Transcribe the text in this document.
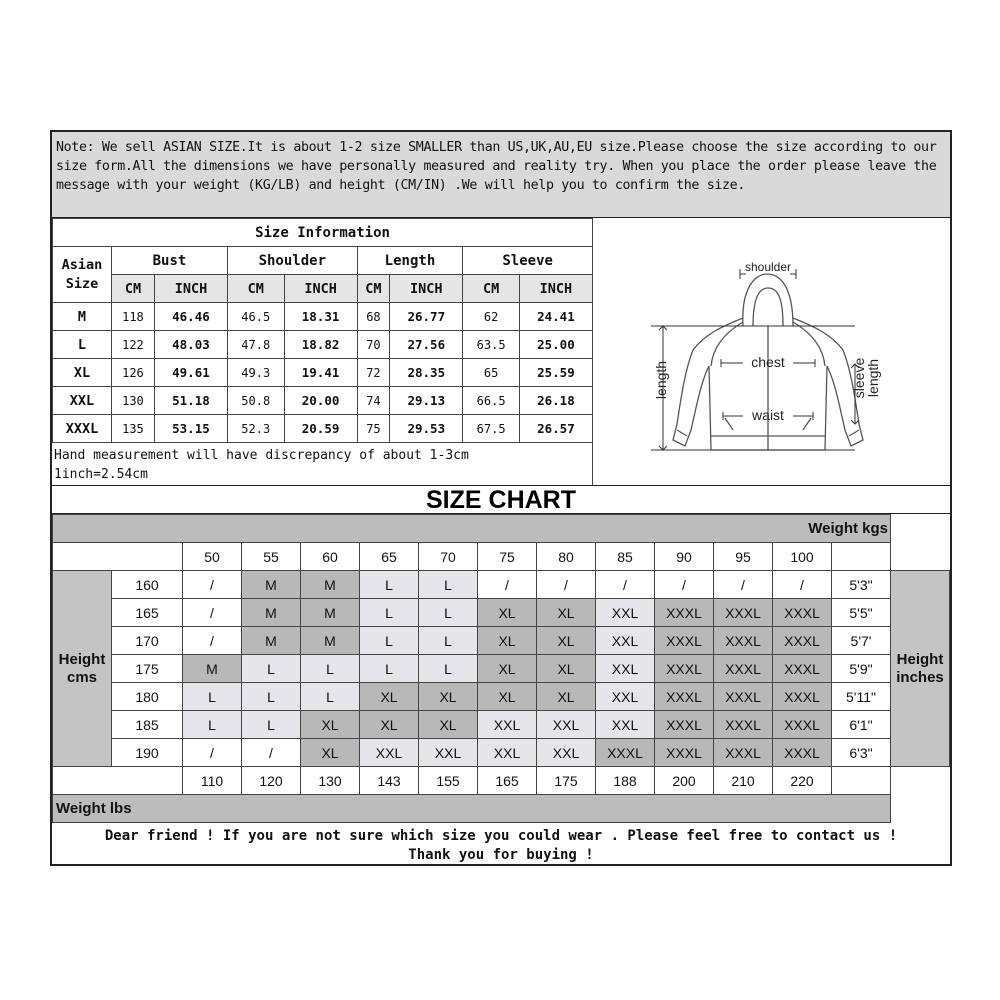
Note: We sell ASIAN SIZE.It is about 1-2 size SMALLER than US,UK,AU,EU size.Please choose the size according to our size form.All the dimensions we have personally measured and reality try. When you place the order please leave the message with your weight (KG/LB) and height (CM/IN) .We will help you to confirm the size.
Size Information								
Asian
Size	Bust		Shoulder		Length		Sleeve	
	CM	INCH	CM	INCH	CM	INCH	CM	INCH
M	118	46.46	46.5	18.31	68	26.77	62	24.41
L	122	48.03	47.8	18.82	70	27.56	63.5	25.00
XL	126	49.61	49.3	19.41	72	28.35	65	25.59
XXL	130	51.18	50.8	20.00	74	29.13	66.5	26.18
XXXL	135	53.15	52.3	20.59	75	29.53	67.5	26.57
Hand measurement will have discrepancy of about 1-3cm
1inch=2.54cm
shoulder
chest
waist
length	sleeve
length
SIZE CHART
Weight kgs														
		50	55	60	65	70	75	80	85	90	95	100		
Height
cms	160	/	M	M	L	L	/	/	/	/	/	/	5'3"	Height
inches
	165	/	M	M	L	L	XL	XL	XXL	XXXL	XXXL	XXXL	5'5"	
	170	/	M	M	L	L	XL	XL	XXL	XXXL	XXXL	XXXL	5'7'	
	175	M	L	L	L	L	XL	XL	XXL	XXXL	XXXL	XXXL	5'9"	
	180	L	L	L	XL	XL	XL	XL	XXL	XXXL	XXXL	XXXL	5'11"	
	185	L	L	XL	XL	XL	XXL	XXL	XXL	XXXL	XXXL	XXXL	6'1"	
	190	/	/	XL	XXL	XXL	XXL	XXL	XXXL	XXXL	XXXL	XXXL	6'3"	
		110	120	130	143	155	165	175	188	200	210	220		
Weight lbs														
Dear friend ! If you are not sure which size you could wear . Please feel free to contact us !
Thank you for buying !
